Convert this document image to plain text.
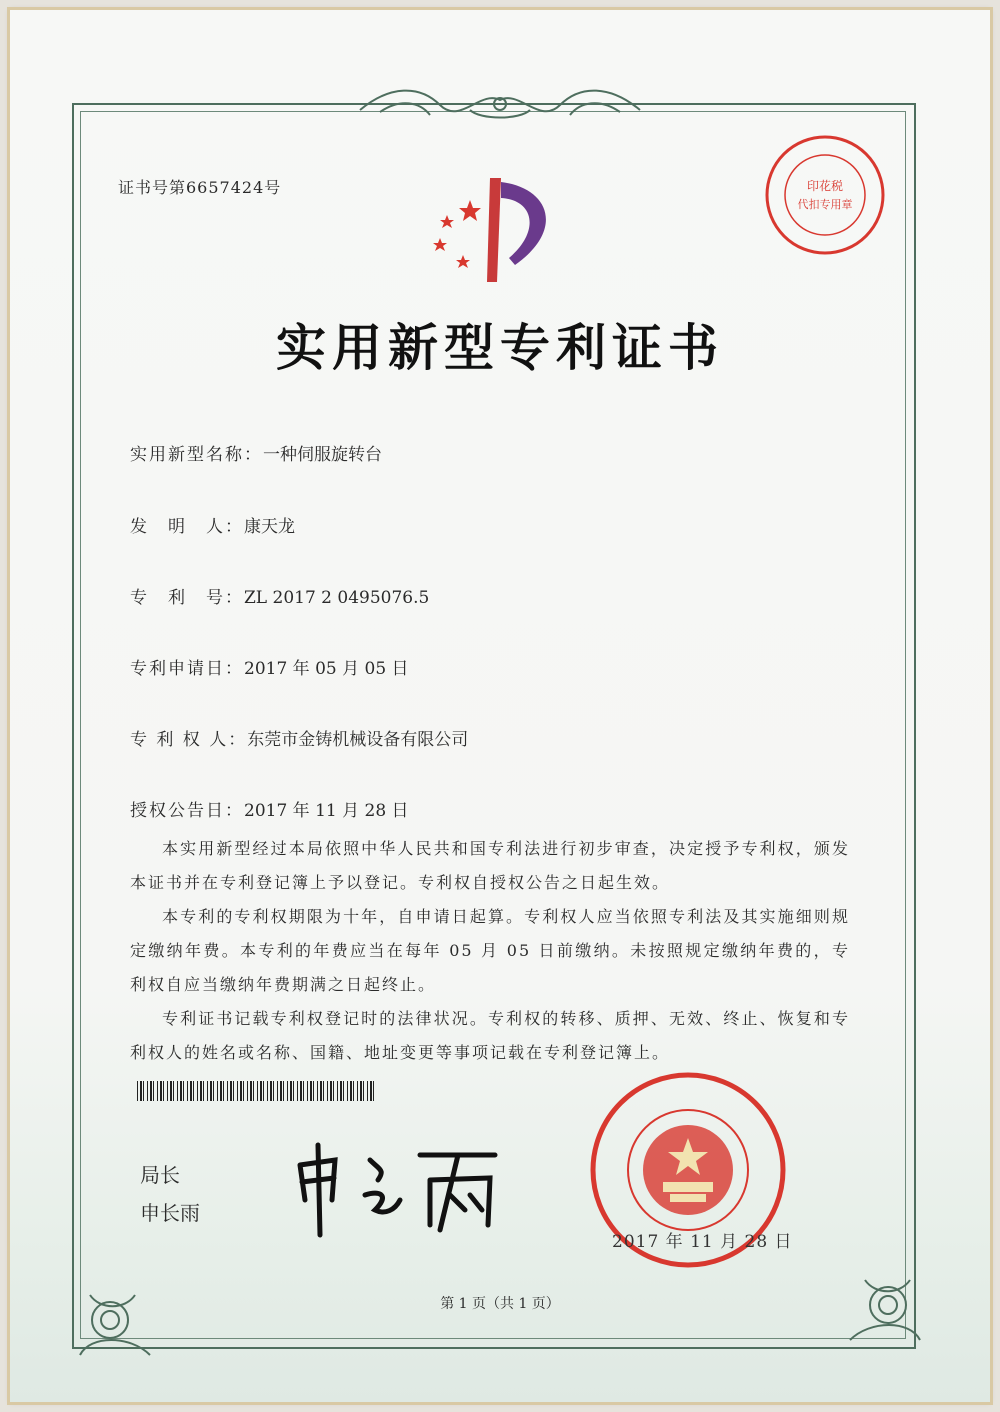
证书号第6657424号	印花税
代扣专用章
实用新型专利证书
实用新型名称：一种伺服旋转台
发　明　人：康天龙
专　利　号：ZL 2017 2 0495076.5
专利申请日：2017 年 05 月 05 日
专 利 权 人：东莞市金铸机械设备有限公司
授权公告日：2017 年 11 月 28 日

本实用新型经过本局依照中华人民共和国专利法进行初步审查，决定授予专利权，颁发本证书并在专利登记簿上予以登记。专利权自授权公告之日起生效。

本专利的专利权期限为十年，自申请日起算。专利权人应当依照专利法及其实施细则规定缴纳年费。本专利的年费应当在每年 05 月 05 日前缴纳。未按照规定缴纳年费的，专利权自应当缴纳年费期满之日起终止。

专利证书记载专利权登记时的法律状况。专利权的转移、质押、无效、终止、恢复和专利权人的姓名或名称、国籍、地址变更等事项记载在专利登记簿上。

局长
申长雨
2017 年 11 月 28 日
第 1 页（共 1 页）
